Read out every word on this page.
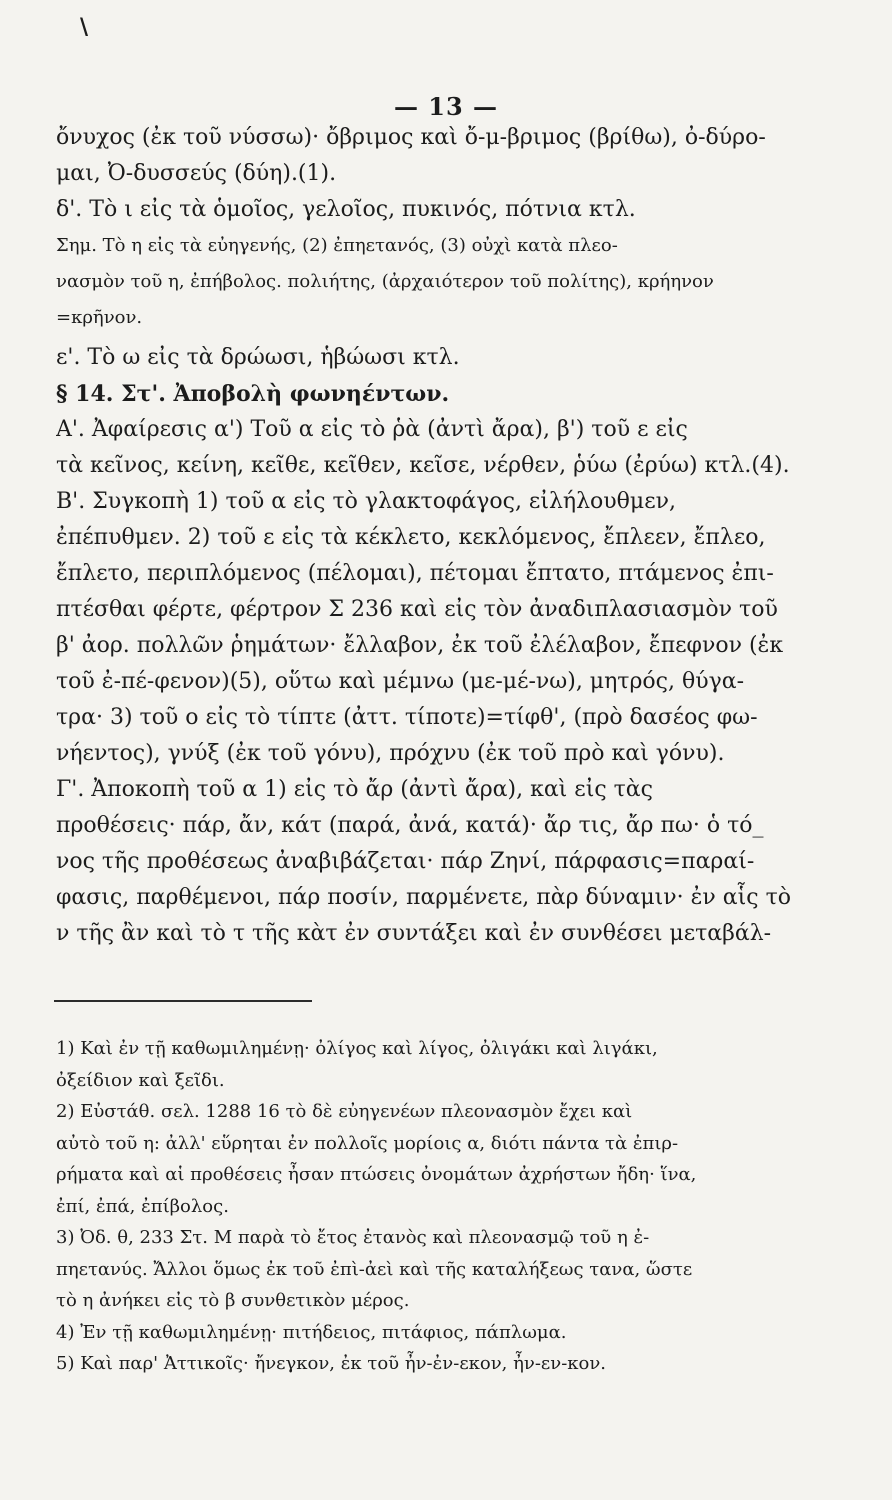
\
— 13 —
ὄνυχος (ἐκ τοῦ νύσσω)· ὄβριμος καὶ ὄ-μ-βριμος (βρίθω), ὀ-δύρο-
μαι, Ὀ-δυσσεύς (δύη).(1).
δ'. Τὸ ι εἰς τὰ ὁμοῖος, γελοῖος, πυκινός, πότνια κτλ.
Σημ. Τὸ η εἰς τὰ εὐηγενής, (2) ἐπηετανός, (3) οὐχὶ κατὰ πλεο-
νασμὸν τοῦ η, ἐπήβολος. πολιήτης, (ἀρχαιότερον τοῦ πολίτης), κρήηνον
=κρῆνον.
ε'. Τὸ ω εἰς τὰ δρώωσι, ἡβώωσι κτλ.
§ 14. Στ'. Ἀποβολὴ φωνηέντων.
Α'. Ἀφαίρεσις α') Τοῦ α εἰς τὸ ῥὰ (ἀντὶ ἄρα), β') τοῦ ε εἰς
τὰ κεῖνος, κείνη, κεῖθε, κεῖθεν, κεῖσε, νέρθεν, ῥύω (ἐρύω) κτλ.(4).
Β'. Συγκοπὴ 1) τοῦ α εἰς τὸ γλακτοφάγος, εἰλήλουθμεν,
ἐπέπυθμεν. 2) τοῦ ε εἰς τὰ κέκλετο, κεκλόμενος, ἔπλεεν, ἔπλεο,
ἔπλετο, περιπλόμενος (πέλομαι), πέτομαι ἔπτατο, πτάμενος ἐπι-
πτέσθαι φέρτε, φέρτρον Σ 236 καὶ εἰς τὸν ἀναδιπλασιασμὸν τοῦ
β' ἀορ. πολλῶν ῥημάτων· ἔλλαβον, ἐκ τοῦ ἐλέλαβον, ἔπεφνον (ἐκ
τοῦ ἐ-πέ-φενον)(5), οὕτω καὶ μέμνω (με-μέ-νω), μητρός, θύγα-
τρα· 3) τοῦ ο εἰς τὸ τίπτε (ἀττ. τίποτε)=τίφθ', (πρὸ δασέος φω-
νήεντος), γνύξ (ἐκ τοῦ γόνυ), πρόχνυ (ἐκ τοῦ πρὸ καὶ γόνυ).
Γ'. Ἀποκοπὴ τοῦ α 1) εἰς τὸ ἄρ (ἀντὶ ἄρα), καὶ εἰς τὰς
προθέσεις· πάρ, ἄν, κάτ (παρά, ἀνά, κατά)· ἄρ τις, ἄρ πω· ὁ τό_
νος τῆς προθέσεως ἀναβιβάζεται· πάρ Ζηνί, πάρφασις=παραί-
φασις, παρθέμενοι, πάρ ποσίν, παρμένετε, πὰρ δύναμιν· ἐν αἷς τὸ
ν τῆς ἂν καὶ τὸ τ τῆς κὰτ ἐν συντάξει καὶ ἐν συνθέσει μεταβάλ-
1) Καὶ ἐν τῇ καθωμιλημένῃ· ὀλίγος καὶ λίγος, ὀλιγάκι καὶ λιγάκι,
ὀξείδιον καὶ ξεῖδι.
2) Εὐστάθ. σελ. 1288 16 τὸ δὲ εὐηγενέων πλεονασμὸν ἔχει καὶ
αὐτὸ τοῦ η: ἀλλ' εὕρηται ἐν πολλοῖς μορίοις α, διότι πάντα τὰ ἐπιρ-
ρήματα καὶ αἱ προθέσεις ἦσαν πτώσεις ὀνομάτων ἀχρήστων ἤδη· ἵνα,
ἐπί, ἐπά, ἐπίβολος.
3) Ὀδ. θ, 233 Στ. Μ παρὰ τὸ ἔτος ἐτανὸς καὶ πλεονασμῷ τοῦ η ἐ-
πηετανύς. Ἄλλοι ὅμως ἐκ τοῦ ἐπὶ-ἀεὶ καὶ τῆς καταλήξεως τανα, ὥστε
τὸ η ἀνήκει εἰς τὸ β συνθετικὸν μέρος.
4) Ἐν τῇ καθωμιλημένῃ· πιτήδειος, πιτάφιος, πάπλωμα.
5) Καὶ παρ' Ἀττικοῖς· ἤνεγκον, ἐκ τοῦ ἦν-ἐν-εκον, ἦν-εν-κον.
